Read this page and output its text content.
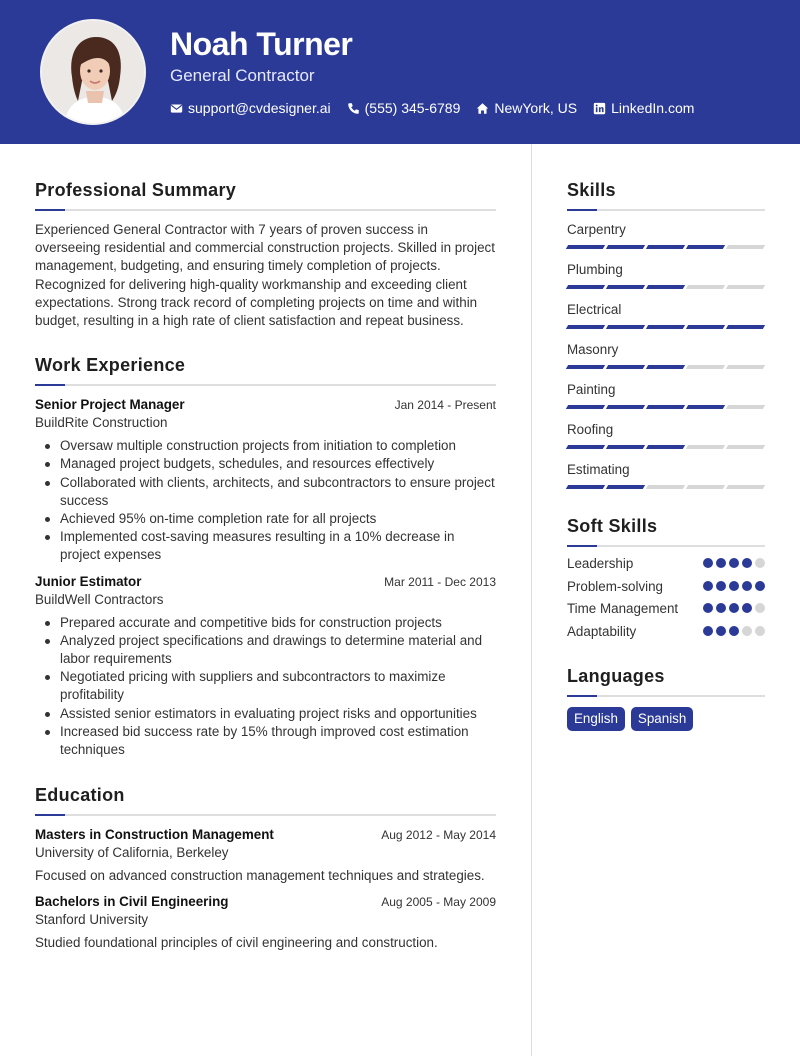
Noah Turner
General Contractor
support@cvdesigner.ai (555) 345-6789 NewYork, US LinkedIn.com
Professional Summary
Experienced General Contractor with 7 years of proven success in overseeing residential and commercial construction projects. Skilled in project management, budgeting, and ensuring timely completion of projects. Recognized for delivering high-quality workmanship and exceeding client expectations. Strong track record of completing projects on time and within budget, resulting in a high rate of client satisfaction and repeat business.
Work Experience
Senior Project Manager	Jan 2014 - Present
BuildRite Construction
Oversaw multiple construction projects from initiation to completion
Managed project budgets, schedules, and resources effectively
Collaborated with clients, architects, and subcontractors to ensure project success
Achieved 95% on-time completion rate for all projects
Implemented cost-saving measures resulting in a 10% decrease in project expenses
Junior Estimator	Mar 2011 - Dec 2013
BuildWell Contractors
Prepared accurate and competitive bids for construction projects
Analyzed project specifications and drawings to determine material and labor requirements
Negotiated pricing with suppliers and subcontractors to maximize profitability
Assisted senior estimators in evaluating project risks and opportunities
Increased bid success rate by 15% through improved cost estimation techniques
Education
Masters in Construction Management	Aug 2012 - May 2014
University of California, Berkeley
Focused on advanced construction management techniques and strategies.
Bachelors in Civil Engineering	Aug 2005 - May 2009
Stanford University
Studied foundational principles of civil engineering and construction.
Skills
Carpentry
Plumbing
Electrical
Masonry
Painting
Roofing
Estimating
Soft Skills
Leadership
Problem-solving
Time Management
Adaptability
Languages
English	Spanish
